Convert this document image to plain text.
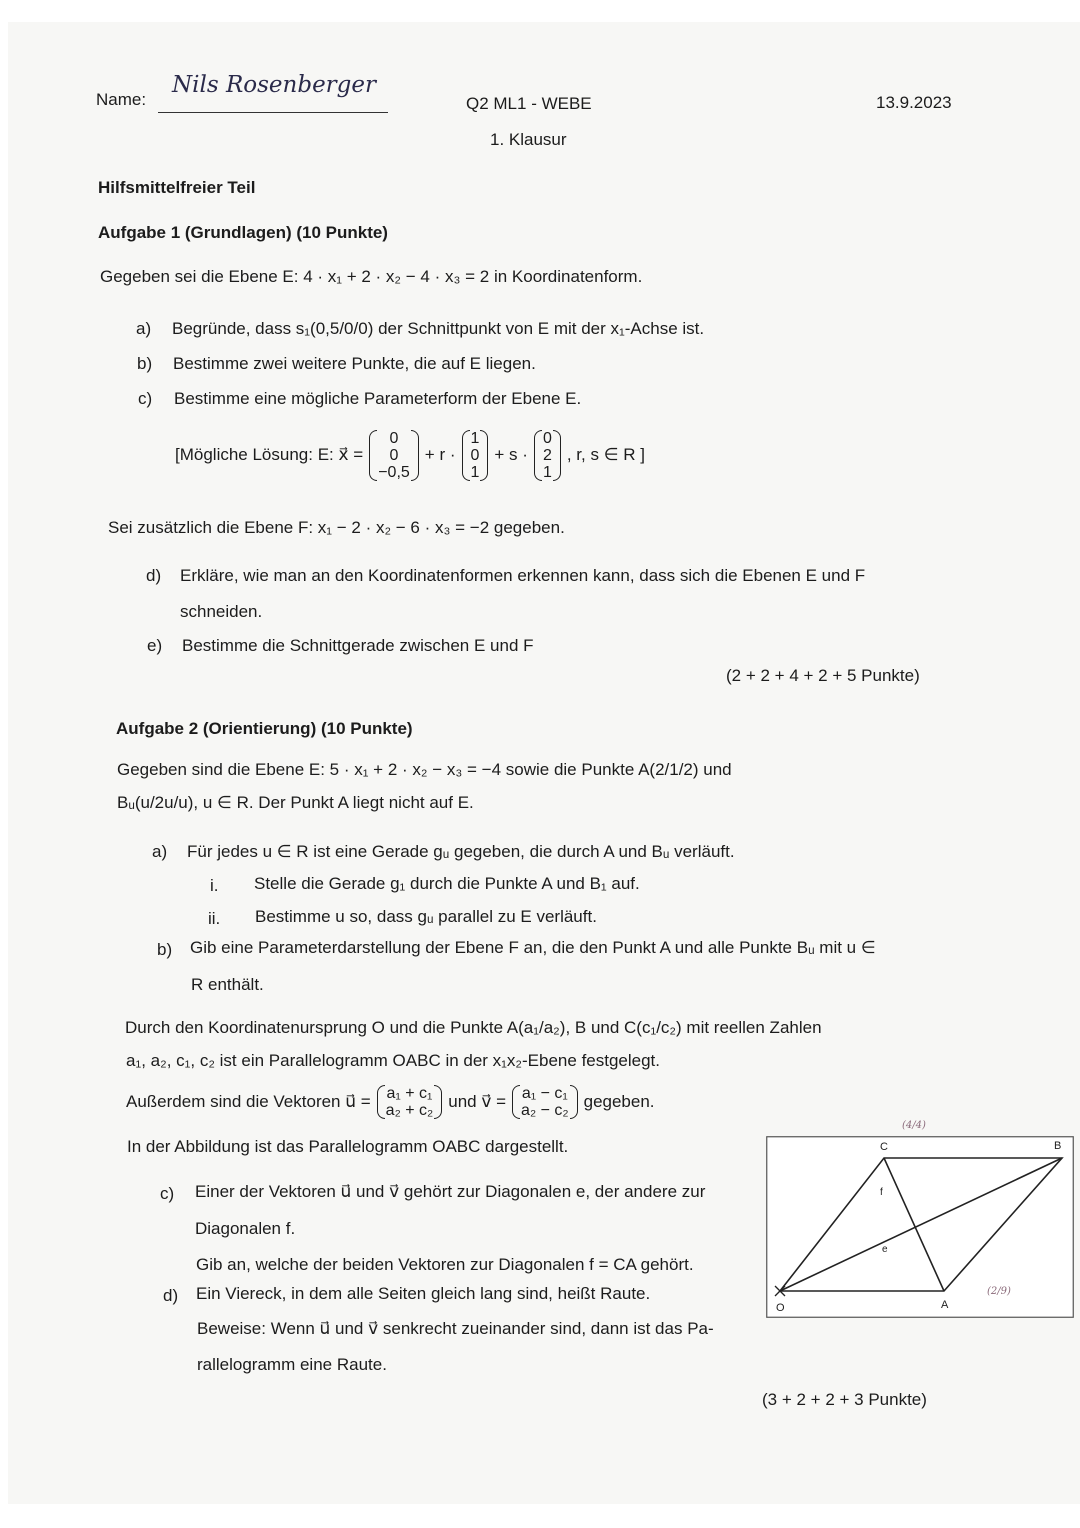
Name:
Nils Rosenberger
Q2 ML1 - WEBE
1. Klausur
13.9.2023
Hilfsmittelfreier Teil
Aufgabe 1 (Grundlagen) (10 Punkte)
Gegeben sei die Ebene E: 4 · x₁ + 2 · x₂ − 4 · x₃ = 2 in Koordinatenform.
a) Begründe, dass s₁(0,5/0/0) der Schnittpunkt von E mit der x₁-Achse ist.
b) Bestimme zwei weitere Punkte, die auf E liegen.
c) Bestimme eine mögliche Parameterform der Ebene E.
[Mögliche Lösung: E: x⃗ =
0
0
−0,5
+ r ·
1
0
1
+ s ·
0
2
1
, r, s ∈ R ]
Sei zusätzlich die Ebene F: x₁ − 2 · x₂ − 6 · x₃ = −2 gegeben.
d) Erkläre, wie man an den Koordinatenformen erkennen kann, dass sich die Ebenen E und F
schneiden.
e) Bestimme die Schnittgerade zwischen E und F
(2 + 2 + 4 + 2 + 5 Punkte)
Aufgabe 2 (Orientierung) (10 Punkte)
Gegeben sind die Ebene E: 5 · x₁ + 2 · x₂ − x₃ = −4 sowie die Punkte A(2/1/2) und
Bᵤ(u/2u/u), u ∈ R. Der Punkt A liegt nicht auf E.
a) Für jedes u ∈ R ist eine Gerade gᵤ gegeben, die durch A und Bᵤ verläuft.
i. Stelle die Gerade g₁ durch die Punkte A und B₁ auf.
ii. Bestimme u so, dass gᵤ parallel zu E verläuft.
b) Gib eine Parameterdarstellung der Ebene F an, die den Punkt A und alle Punkte Bᵤ mit u ∈
R enthält.
Durch den Koordinatenursprung O und die Punkte A(a₁/a₂), B und C(c₁/c₂) mit reellen Zahlen
a₁, a₂, c₁, c₂ ist ein Parallelogramm OABC in der x₁x₂-Ebene festgelegt.
Außerdem sind die Vektoren u⃗ = a₁ + c₁
a₂ + c₂ und v⃗ = a₁ − c₁
a₂ − c₂ gegeben.
In der Abbildung ist das Parallelogramm OABC dargestellt.
c) Einer der Vektoren u⃗ und v⃗ gehört zur Diagonalen e, der andere zur
Diagonalen f.
Gib an, welche der beiden Vektoren zur Diagonalen f = CA gehört.
d) Ein Viereck, in dem alle Seiten gleich lang sind, heißt Raute.
Beweise: Wenn u⃗ und v⃗ senkrecht zueinander sind, dann ist das Pa-
rallelogramm eine Raute.
O	A
B
C
e
f
(4/4)
(2/9)
(3 + 2 + 2 + 3 Punkte)
